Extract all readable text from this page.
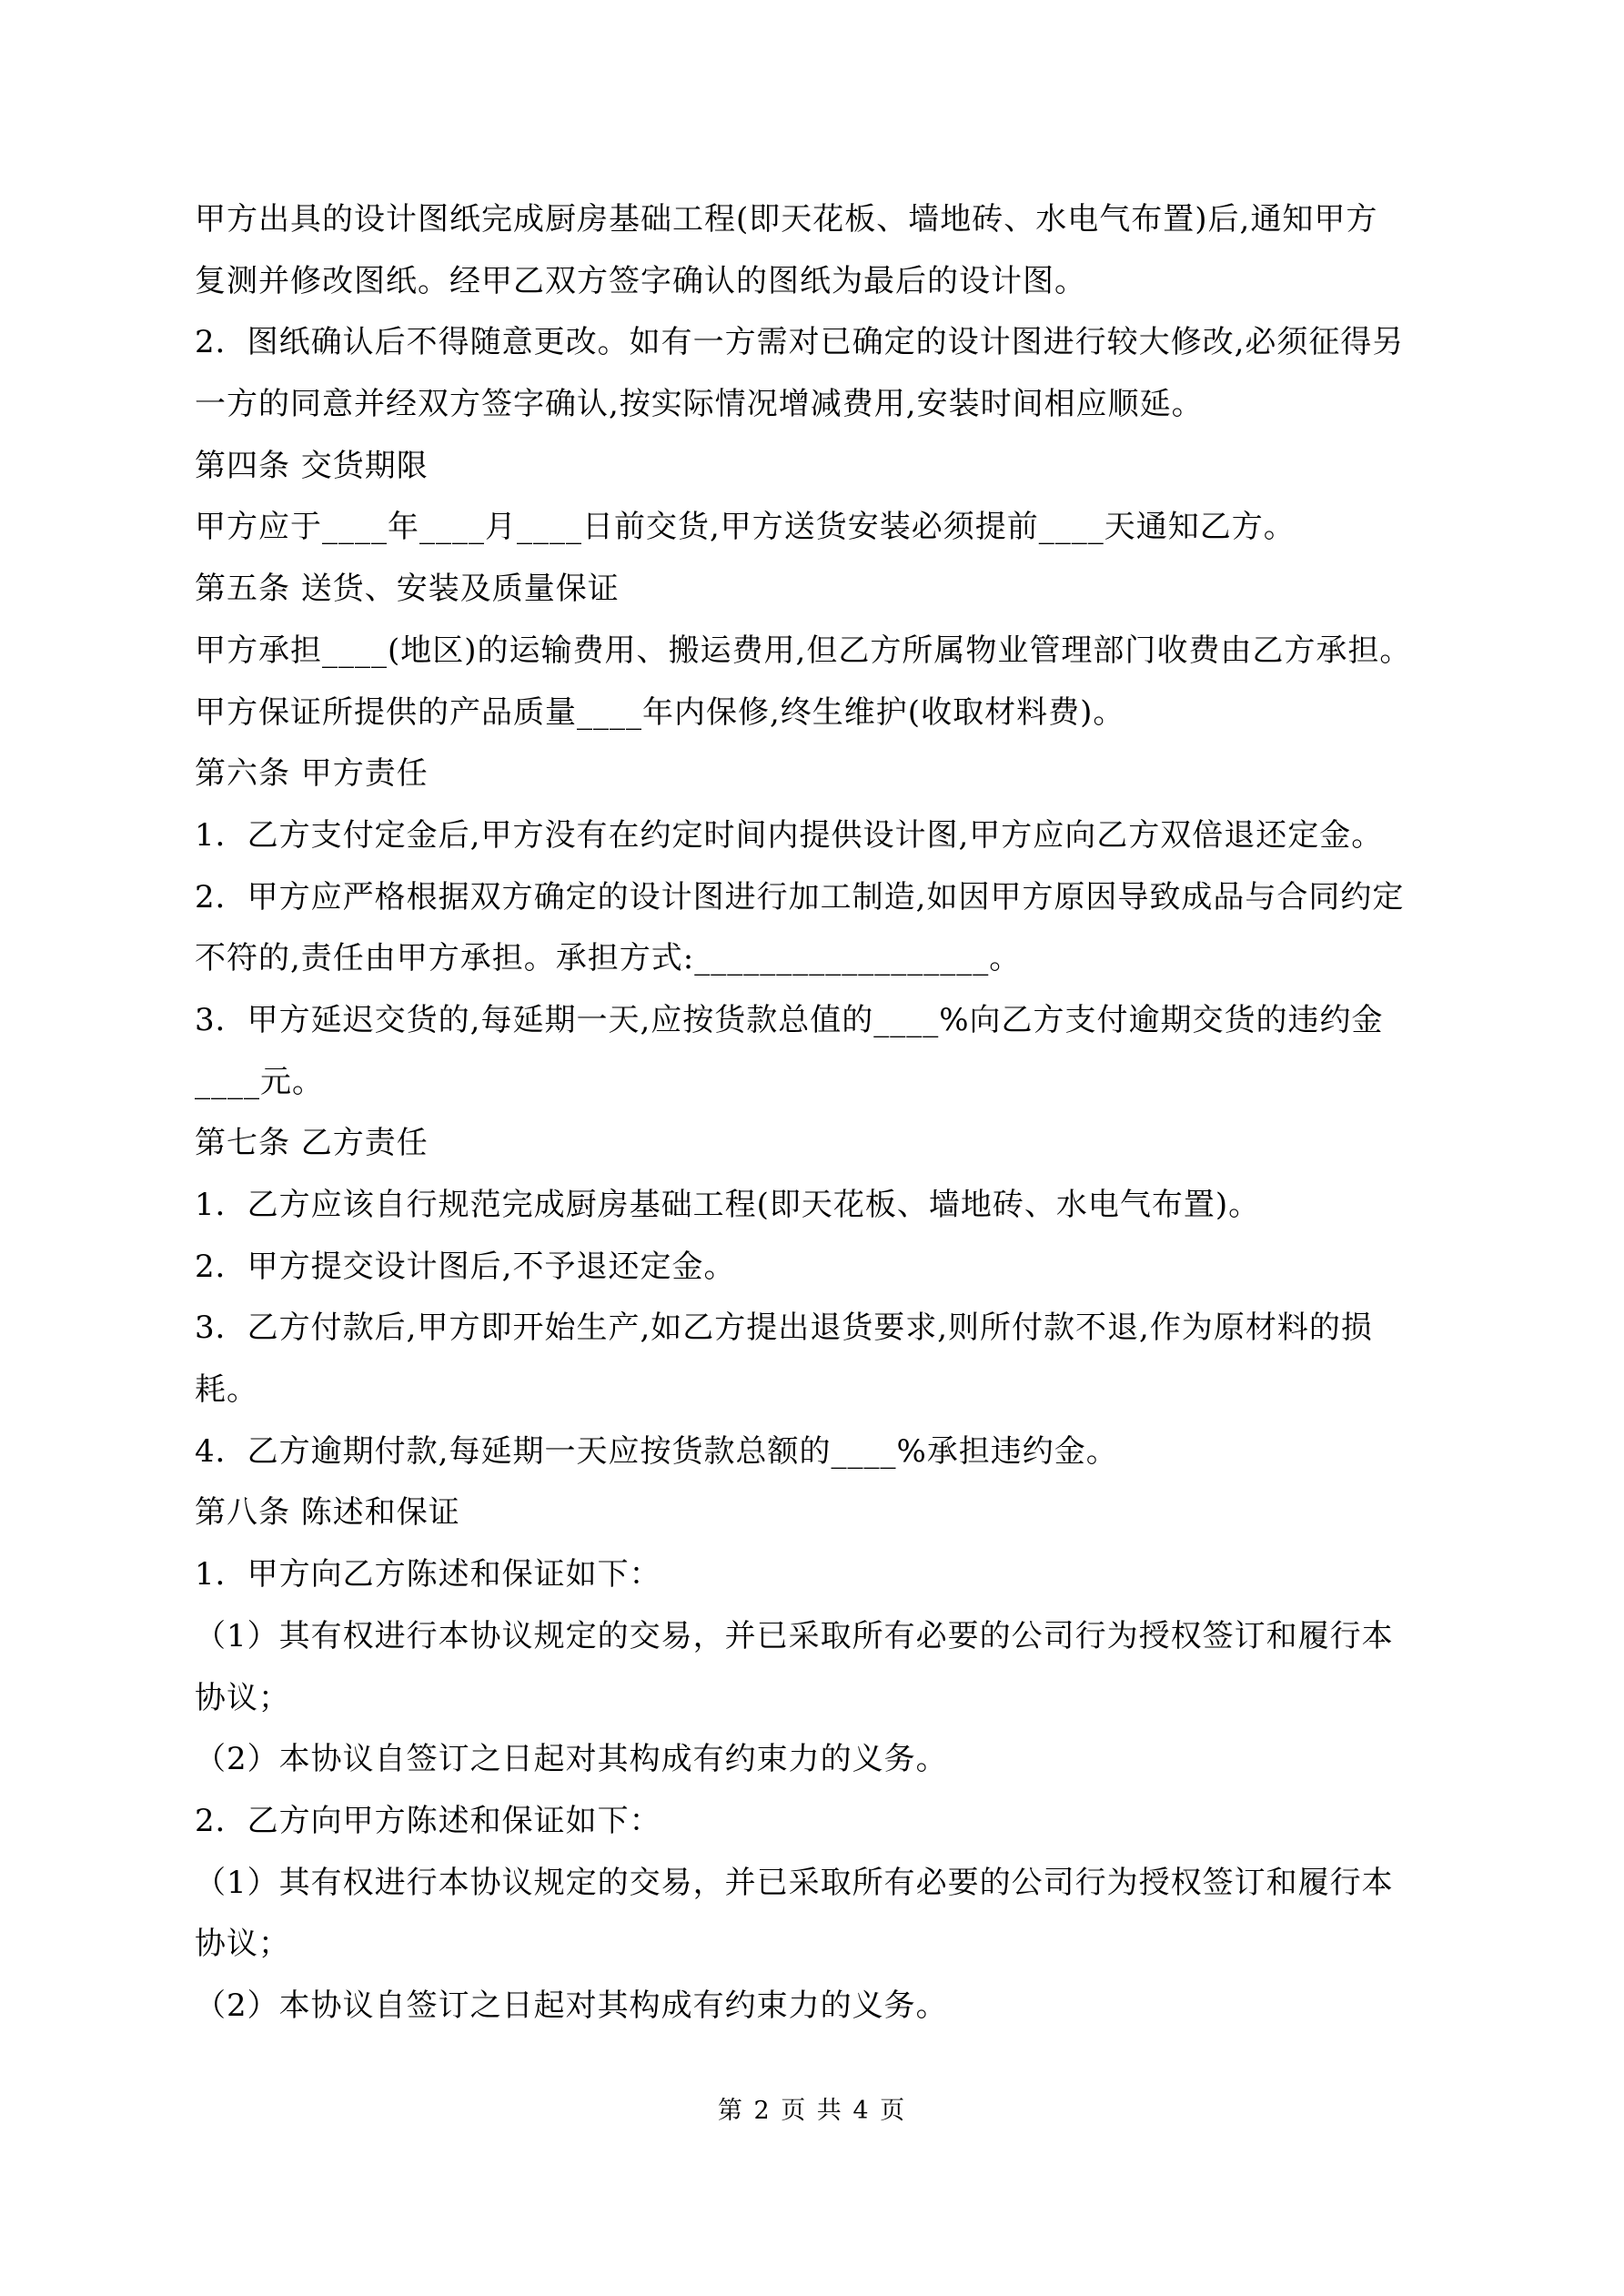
甲方出具的设计图纸完成厨房基础工程(即天花板、墙地砖、水电气布置)后,通知甲方
复测并修改图纸。经甲乙双方签字确认的图纸为最后的设计图。
2．图纸确认后不得随意更改。如有一方需对已确定的设计图进行较大修改,必须征得另
一方的同意并经双方签字确认,按实际情况增减费用,安装时间相应顺延。
第四条 交货期限
甲方应于____年____月____日前交货,甲方送货安装必须提前____天通知乙方。
第五条 送货、安装及质量保证
甲方承担____(地区)的运输费用、搬运费用,但乙方所属物业管理部门收费由乙方承担。
甲方保证所提供的产品质量____年内保修,终生维护(收取材料费)。
第六条 甲方责任
1．乙方支付定金后,甲方没有在约定时间内提供设计图,甲方应向乙方双倍退还定金。
2．甲方应严格根据双方确定的设计图进行加工制造,如因甲方原因导致成品与合同约定
不符的,责任由甲方承担。承担方式:__________________。
3．甲方延迟交货的,每延期一天,应按货款总值的____%向乙方支付逾期交货的违约金
____元。
第七条 乙方责任
1．乙方应该自行规范完成厨房基础工程(即天花板、墙地砖、水电气布置)。
2．甲方提交设计图后,不予退还定金。
3．乙方付款后,甲方即开始生产,如乙方提出退货要求,则所付款不退,作为原材料的损
耗。
4．乙方逾期付款,每延期一天应按货款总额的____%承担违约金。
第八条 陈述和保证
1．甲方向乙方陈述和保证如下：
（1）其有权进行本协议规定的交易，并已采取所有必要的公司行为授权签订和履行本
协议；
（2）本协议自签订之日起对其构成有约束力的义务。
2．乙方向甲方陈述和保证如下：
（1）其有权进行本协议规定的交易，并已采取所有必要的公司行为授权签订和履行本
协议；
（2）本协议自签订之日起对其构成有约束力的义务。
第 2 页 共 4 页
